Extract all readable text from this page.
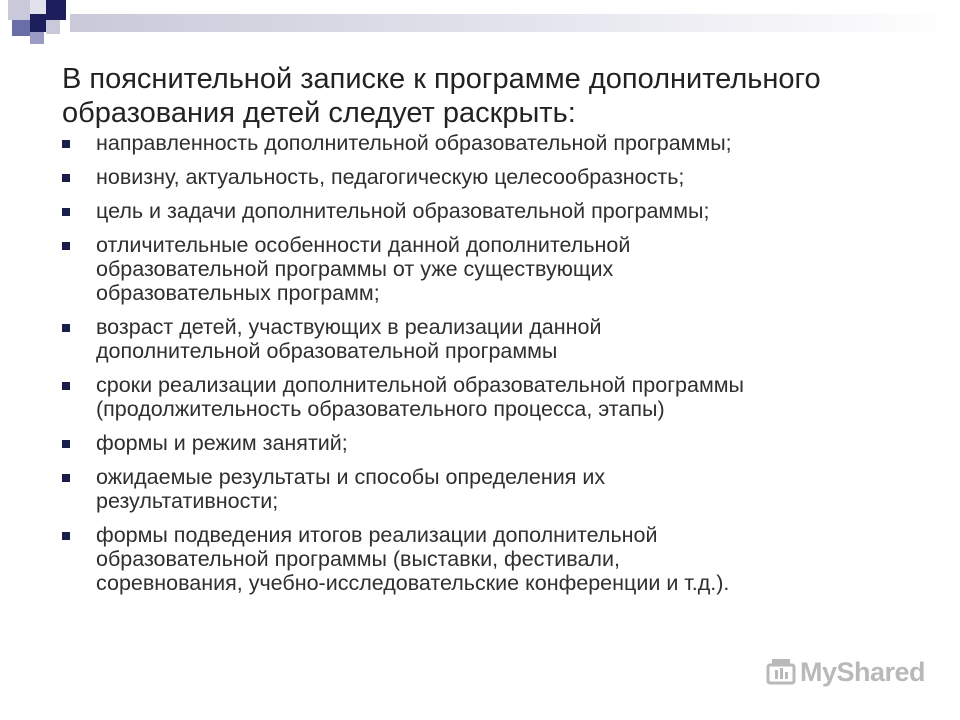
В пояснительной записке к программе дополнительного
образования детей следует раскрыть:
направленность дополнительной образовательной программы;
новизну, актуальность, педагогическую целесообразность;
цель и задачи дополнительной образовательной программы;
отличительные особенности данной дополнительной
образовательной программы от уже существующих
образовательных программ;
возраст детей, участвующих в реализации данной
дополнительной образовательной программы
сроки реализации дополнительной образовательной программы
(продолжительность образовательного процесса, этапы)
формы и режим занятий;
ожидаемые результаты и способы определения их
результативности;
формы подведения итогов реализации дополнительной
образовательной программы (выставки, фестивали,
соревнования, учебно-исследовательские конференции и т.д.).
MyShared
